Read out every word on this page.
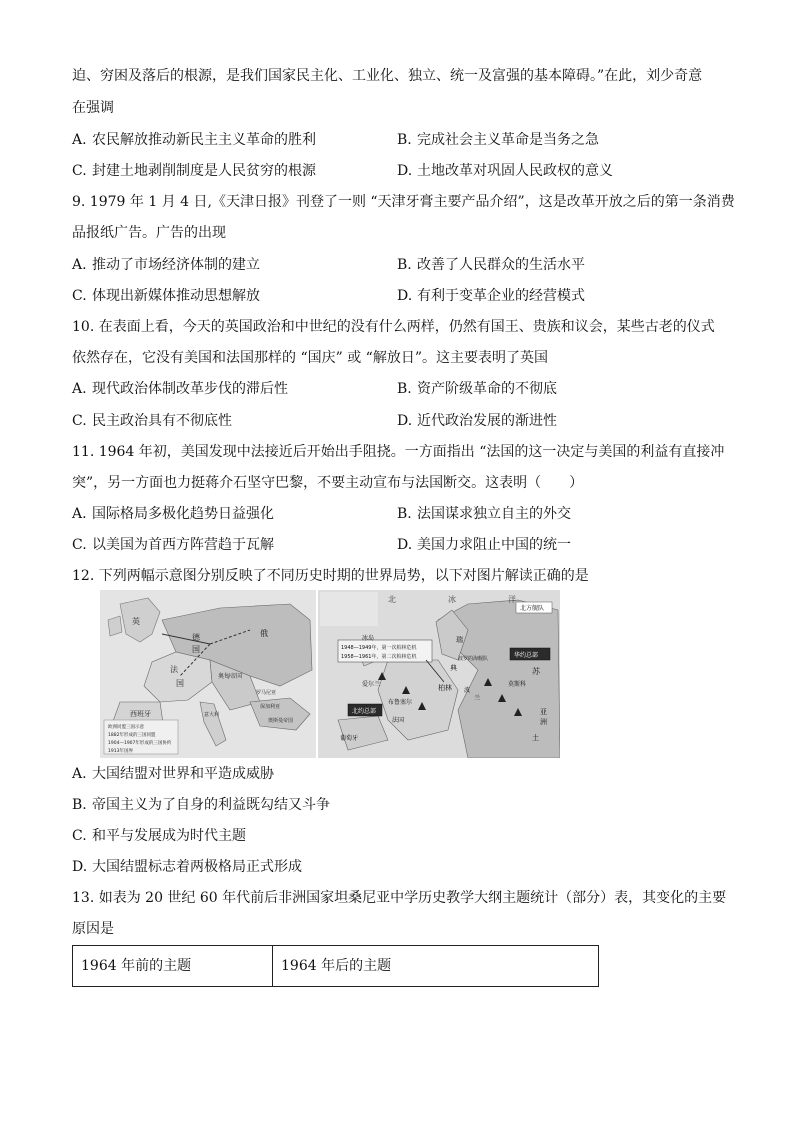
迫、穷困及落后的根源，是我们国家民主化、工业化、独立、统一及富强的基本障碍。”在此，刘少奇意
在强调
A. 农民解放推动新民主主义革命的胜利	B. 完成社会主义革命是当务之急
C. 封建土地剥削制度是人民贫穷的根源	D. 土地改革对巩固人民政权的意义
9. 1979 年 1 月 4 日,《天津日报》刊登了一则 “天津牙膏主要产品介绍”，这是改革开放之后的第一条消费
品报纸广告。广告的出现
A. 推动了市场经济体制的建立	B. 改善了人民群众的生活水平
C. 体现出新媒体推动思想解放	D. 有利于变革企业的经营模式
10. 在表面上看，今天的英国政治和中世纪的没有什么两样，仍然有国王、贵族和议会，某些古老的仪式
依然存在，它没有美国和法国那样的 “国庆” 或 “解放日”。这主要表明了英国
A. 现代政治体制改革步伐的滞后性	B. 资产阶级革命的不彻底
C. 民主政治具有不彻底性	D. 近代政治发展的渐进性
11. 1964 年初，美国发现中法接近后开始出手阻挠。一方面指出 “法国的这一决定与美国的利益有直接冲
突”，另一方面也力挺蒋介石坚守巴黎，不要主动宣布与法国断交。这表明（　　）
A. 国际格局多极化趋势日益强化	B. 法国谋求独立自主的外交
C. 以美国为首西方阵营趋于瓦解	D. 美国力求阻止中国的统一
12. 下列两幅示意图分别反映了不同历史时期的世界局势，以下对图片解读正确的是
英
德
国
俄
法
国
奥匈帝国
西班牙	意大利
罗马尼亚
保加利亚
奥斯曼帝国
欧洲同盟三国示意
1882年形成的三国同盟
1904—1907年形成的三国协约
1913年国界
1948—1949年，第一次柏林危机
1958—1961年，第二次柏林危机
北	冰	洋
北方舰队
冰岛	瑞
典
波罗的海舰队	华约总部
苏
莫斯科
柏林 波
兰
布鲁塞尔
法国
爱尔兰
葡萄牙
北约总部	亚
洲
土
A. 大国结盟对世界和平造成威胁
B. 帝国主义为了自身的利益既勾结又斗争
C. 和平与发展成为时代主题
D. 大国结盟标志着两极格局正式形成
13. 如表为 20 世纪 60 年代前后非洲国家坦桑尼亚中学历史教学大纲主题统计（部分）表，其变化的主要
原因是
1964 年前的主题	1964 年后的主题
